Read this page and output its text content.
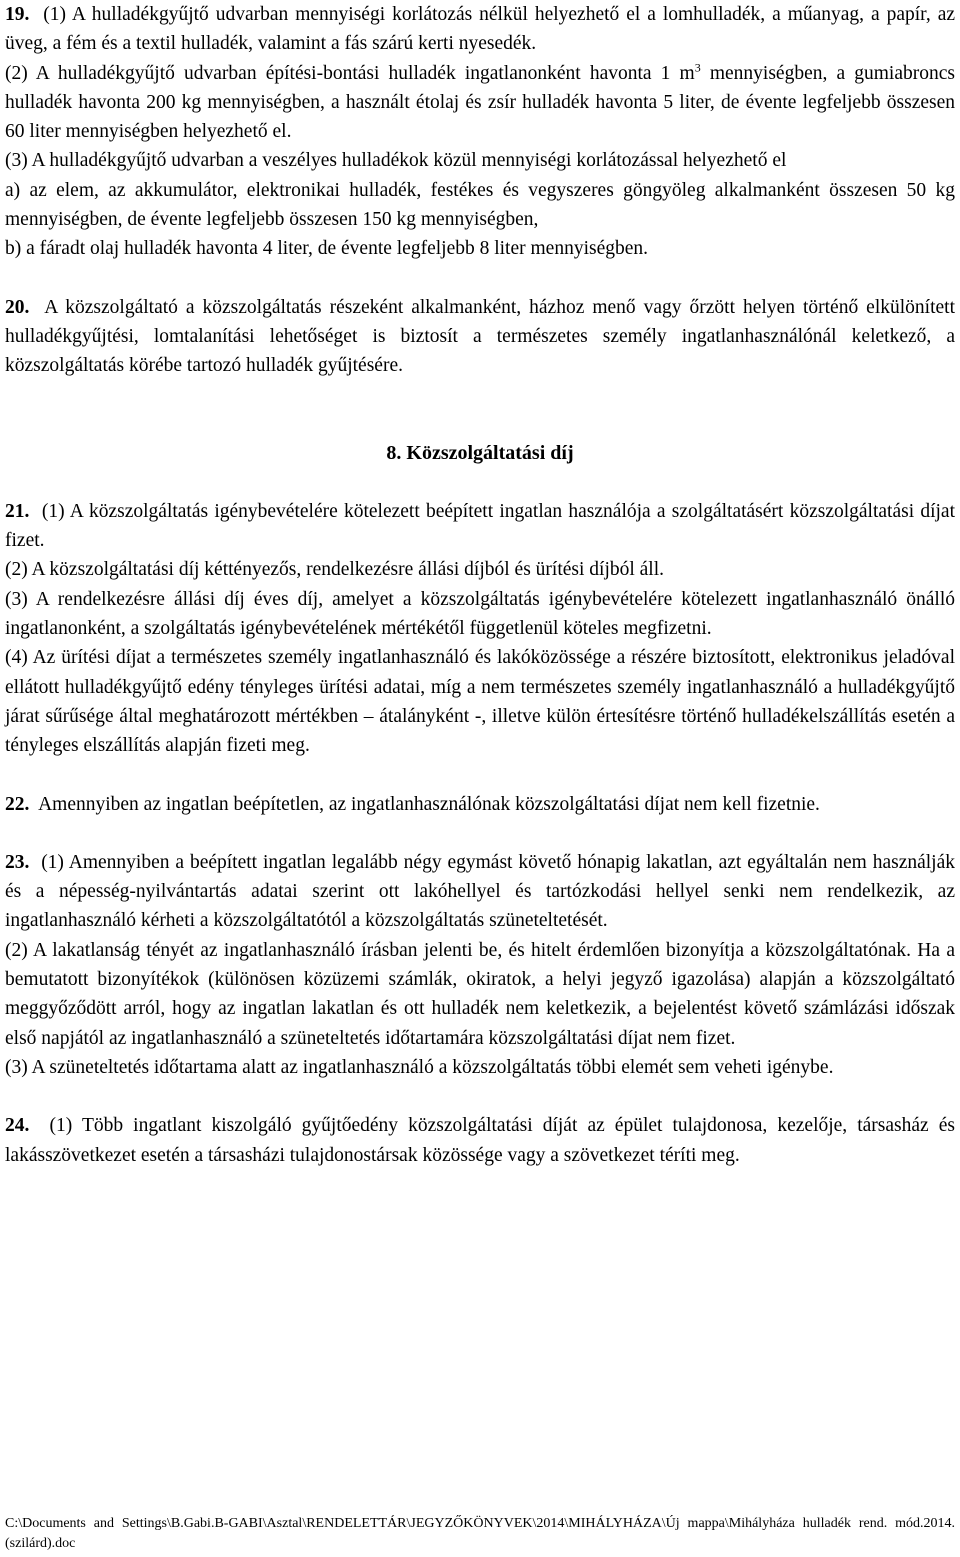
19. (1) A hulladékgyűjtő udvarban mennyiségi korlátozás nélkül helyezhető el a lomhulladék, a műanyag, a papír, az üveg, a fém és a textil hulladék, valamint a fás szárú kerti nyesedék.

(2) A hulladékgyűjtő udvarban építési-bontási hulladék ingatlanonként havonta 1 $m^3$ mennyiségben, a gumiabroncs hulladék havonta 200 kg mennyiségben, a használt étolaj és zsír hulladék havonta 5 liter, de évente legfeljebb összesen 60 liter mennyiségben helyezhető el.

(3) A hulladékgyűjtő udvarban a veszélyes hulladékok közül mennyiségi korlátozással helyezhető el

a) az elem, az akkumulátor, elektronikai hulladék, festékes és vegyszeres göngyöleg alkalmanként összesen 50 kg mennyiségben, de évente legfeljebb összesen 150 kg mennyiségben,

b) a fáradt olaj hulladék havonta 4 liter, de évente legfeljebb 8 liter mennyiségben.

20. A közszolgáltató a közszolgáltatás részeként alkalmanként, házhoz menő vagy őrzött helyen történő elkülönített hulladékgyűjtési, lomtalanítási lehetőséget is biztosít a természetes személy ingatlanhasználónál keletkező, a közszolgáltatás körébe tartozó hulladék gyűjtésére.

8. Közszolgáltatási díj

21. (1) A közszolgáltatás igénybevételére kötelezett beépített ingatlan használója a szolgáltatásért közszolgáltatási díjat fizet.

(2) A közszolgáltatási díj kéttényezős, rendelkezésre állási díjból és ürítési díjból áll.

(3) A rendelkezésre állási díj éves díj, amelyet a közszolgáltatás igénybevételére kötelezett ingatlanhasználó önálló ingatlanonként, a szolgáltatás igénybevételének mértékétől függetlenül köteles megfizetni.

(4) Az ürítési díjat a természetes személy ingatlanhasználó és lakóközössége a részére biztosított, elektronikus jeladóval ellátott hulladékgyűjtő edény tényleges ürítési adatai, míg a nem természetes személy ingatlanhasználó a hulladékgyűjtő járat sűrűsége által meghatározott mértékben – átalányként -, illetve külön értesítésre történő hulladékelszállítás esetén a tényleges elszállítás alapján fizeti meg.

22. Amennyiben az ingatlan beépítetlen, az ingatlanhasználónak közszolgáltatási díjat nem kell fizetnie.

23. (1) Amennyiben a beépített ingatlan legalább négy egymást követő hónapig lakatlan, azt egyáltalán nem használják és a népesség-nyilvántartás adatai szerint ott lakóhellyel és tartózkodási hellyel senki nem rendelkezik, az ingatlanhasználó kérheti a közszolgáltatótól a közszolgáltatás szüneteltetését.

(2) A lakatlanság tényét az ingatlanhasználó írásban jelenti be, és hitelt érdemlően bizonyítja a közszolgáltatónak. Ha a bemutatott bizonyítékok (különösen közüzemi számlák, okiratok, a helyi jegyző igazolása) alapján a közszolgáltató meggyőződött arról, hogy az ingatlan lakatlan és ott hulladék nem keletkezik, a bejelentést követő számlázási időszak első napjától az ingatlanhasználó a szüneteltetés időtartamára közszolgáltatási díjat nem fizet.

(3) A szüneteltetés időtartama alatt az ingatlanhasználó a közszolgáltatás többi elemét sem veheti igénybe.

24. (1) Több ingatlant kiszolgáló gyűjtőedény közszolgáltatási díját az épület tulajdonosa, kezelője, társasház és lakásszövetkezet esetén a társasházi tulajdonostársak közössége vagy a szövetkezet téríti meg.

C:\Documents and Settings\B.Gabi.B-GABI\Asztal\RENDELETTÁR\JEGYZŐKÖNYVEK\2014\MIHÁLYHÁZA\Új mappa\Mihályháza hulladék rend. mód.2014.(szilárd).doc
